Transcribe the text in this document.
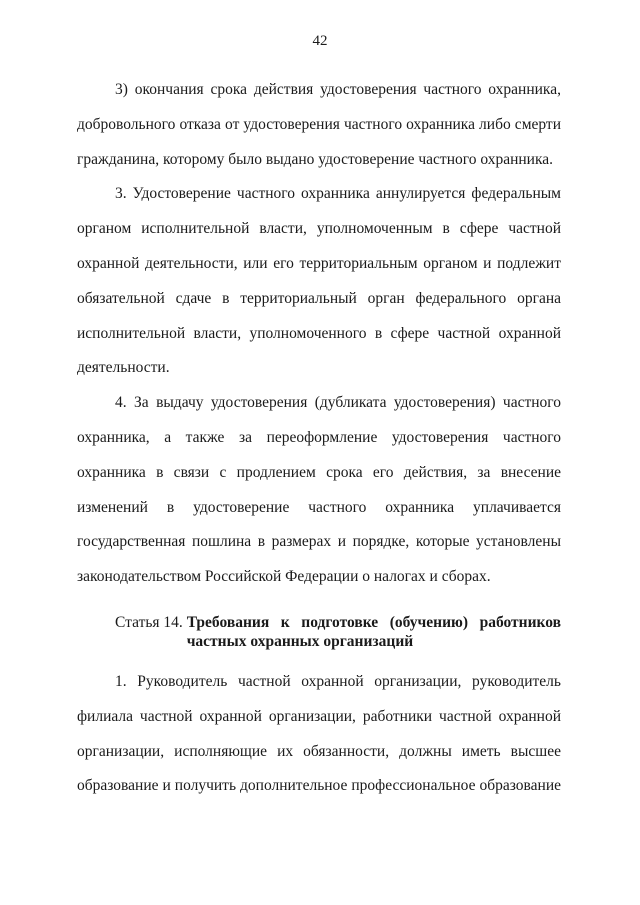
42

3) окончания срока действия удостоверения частного охранника, добровольного отказа от удостоверения частного охранника либо смерти гражданина, которому было выдано удостоверение частного охранника.

3. Удостоверение частного охранника аннулируется федеральным органом исполнительной власти, уполномоченным в сфере частной охранной деятельности, или его территориальным органом и подлежит обязательной сдаче в территориальный орган федерального органа исполнительной власти, уполномоченного в сфере частной охранной деятельности.

4. За выдачу удостоверения (дубликата удостоверения) частного охранника, а также за переоформление удостоверения частного охранника в связи с продлением срока его действия, за внесение изменений в удостоверение частного охранника уплачивается государственная пошлина в размерах и порядке, которые установлены законодательством Российской Федерации о налогах и сборах.

Статья 14. Требования к подготовке (обучению) работников частных охранных организаций

1. Руководитель частной охранной организации, руководитель филиала частной охранной организации, работники частной охранной организации, исполняющие их обязанности, должны иметь высшее образование и получить дополнительное профессиональное образование
